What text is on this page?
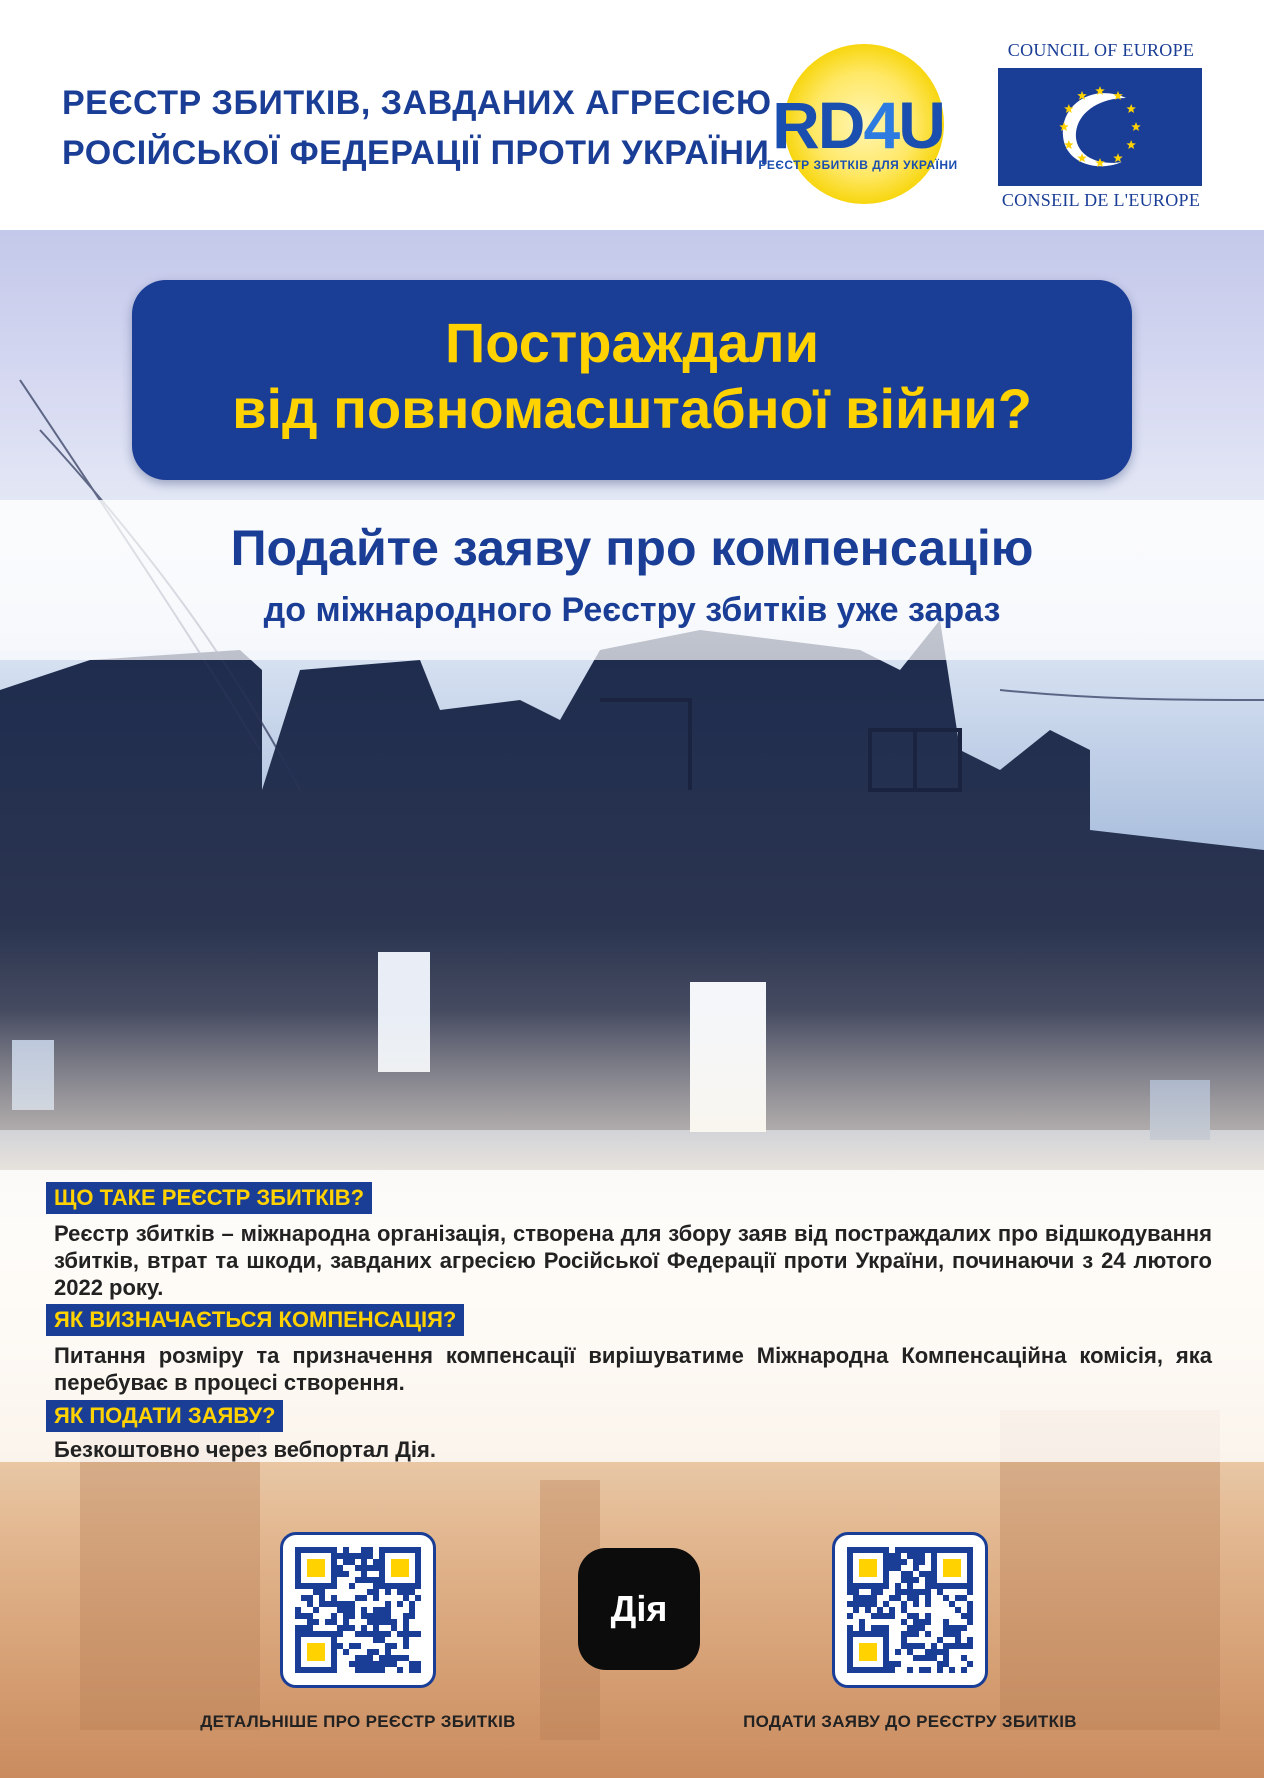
РЕЄСТР ЗБИТКІВ, ЗАВДАНИХ АГРЕСІЄЮ
РОСІЙСЬКОЇ ФЕДЕРАЦІЇ ПРОТИ УКРАЇНИ RD4U
РЕЄСТР ЗБИТКІВ ДЛЯ УКРАЇНИ
COUNCIL OF EUROPE
CONSEIL DE L'EUROPE
Постраждали
від повномасштабної війни?
Подайте заяву про компенсацію
до міжнародного Реєстру збитків уже зараз
ЩО ТАКЕ РЕЄСТР ЗБИТКІВ?
Реєстр збитків – міжнародна організація, створена для збору заяв від постраждалих про відшкодування збитків, втрат та шкоди, завданих агресією Російської Федерації проти України, починаючи з 24 лютого 2022 року.
ЯК ВИЗНАЧАЄТЬСЯ КОМПЕНСАЦІЯ?
Питання розміру та призначення компенсації вирішуватиме Міжнародна Компенсаційна комісія, яка перебуває в процесі створення.
ЯК ПОДАТИ ЗАЯВУ?
Безкоштовно через вебпортал Дія.
ДЕТАЛЬНІШЕ ПРО РЕЄСТР ЗБИТКІВ
Дія
ПОДАТИ ЗАЯВУ ДО РЕЄСТРУ ЗБИТКІВ
